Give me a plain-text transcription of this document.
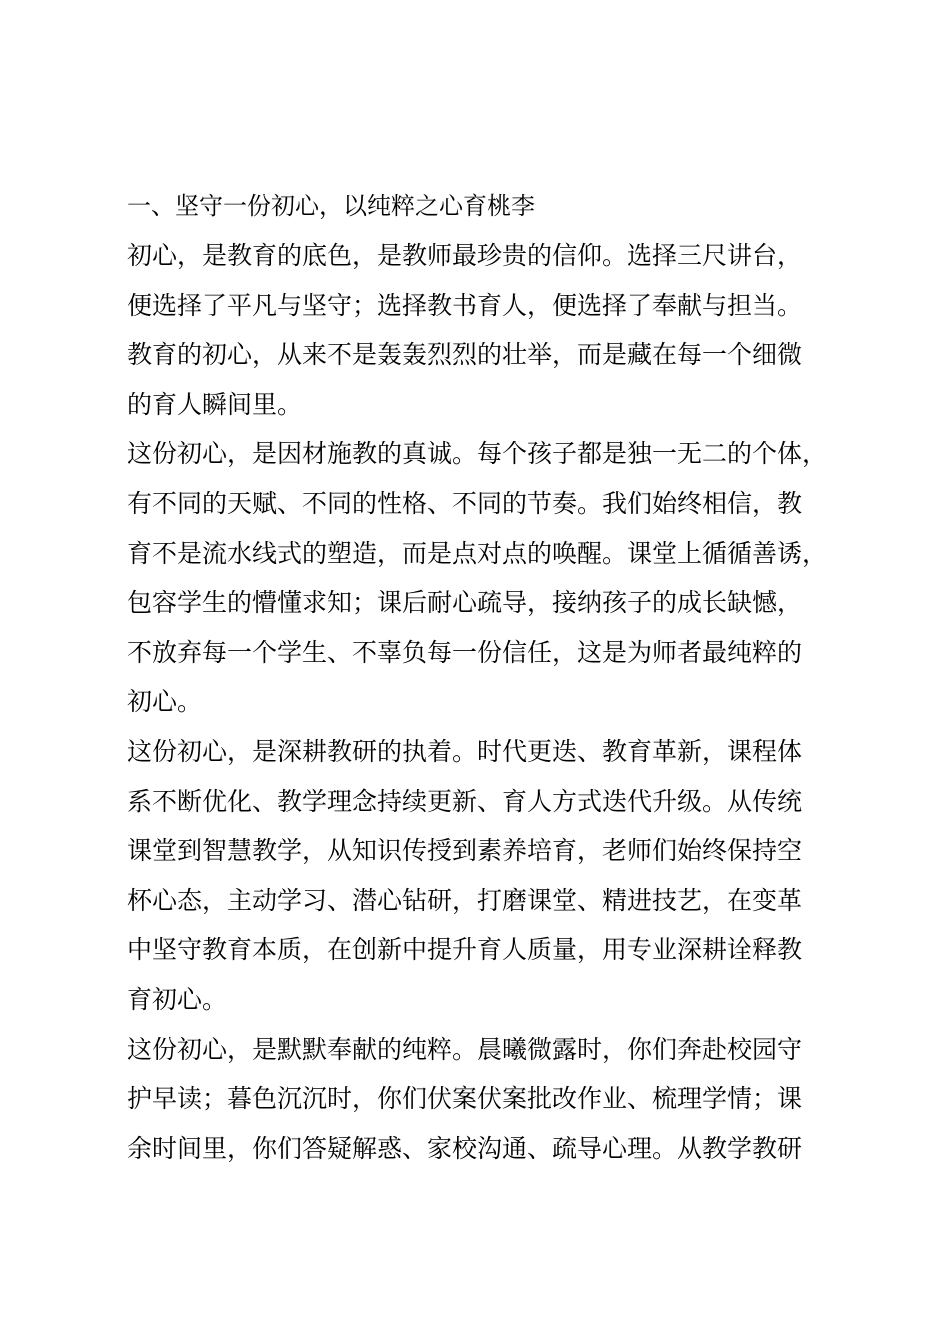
一、坚守一份初心，以纯粹之心育桃李
初心，是教育的底色，是教师最珍贵的信仰。选择三尺讲台，
便选择了平凡与坚守；选择教书育人，便选择了奉献与担当。
教育的初心，从来不是轰轰烈烈的壮举，而是藏在每一个细微
的育人瞬间里。
这份初心，是因材施教的真诚。每个孩子都是独一无二的个体，
有不同的天赋、不同的性格、不同的节奏。我们始终相信，教
育不是流水线式的塑造，而是点对点的唤醒。课堂上循循善诱，
包容学生的懵懂求知；课后耐心疏导，接纳孩子的成长缺憾，
不放弃每一个学生、不辜负每一份信任，这是为师者最纯粹的
初心。
这份初心，是深耕教研的执着。时代更迭、教育革新，课程体
系不断优化、教学理念持续更新、育人方式迭代升级。从传统
课堂到智慧教学，从知识传授到素养培育，老师们始终保持空
杯心态，主动学习、潜心钻研，打磨课堂、精进技艺，在变革
中坚守教育本质，在创新中提升育人质量，用专业深耕诠释教
育初心。
这份初心，是默默奉献的纯粹。晨曦微露时，你们奔赴校园守
护早读；暮色沉沉时，你们伏案伏案批改作业、梳理学情；课
余时间里，你们答疑解惑、家校沟通、疏导心理。从教学教研
